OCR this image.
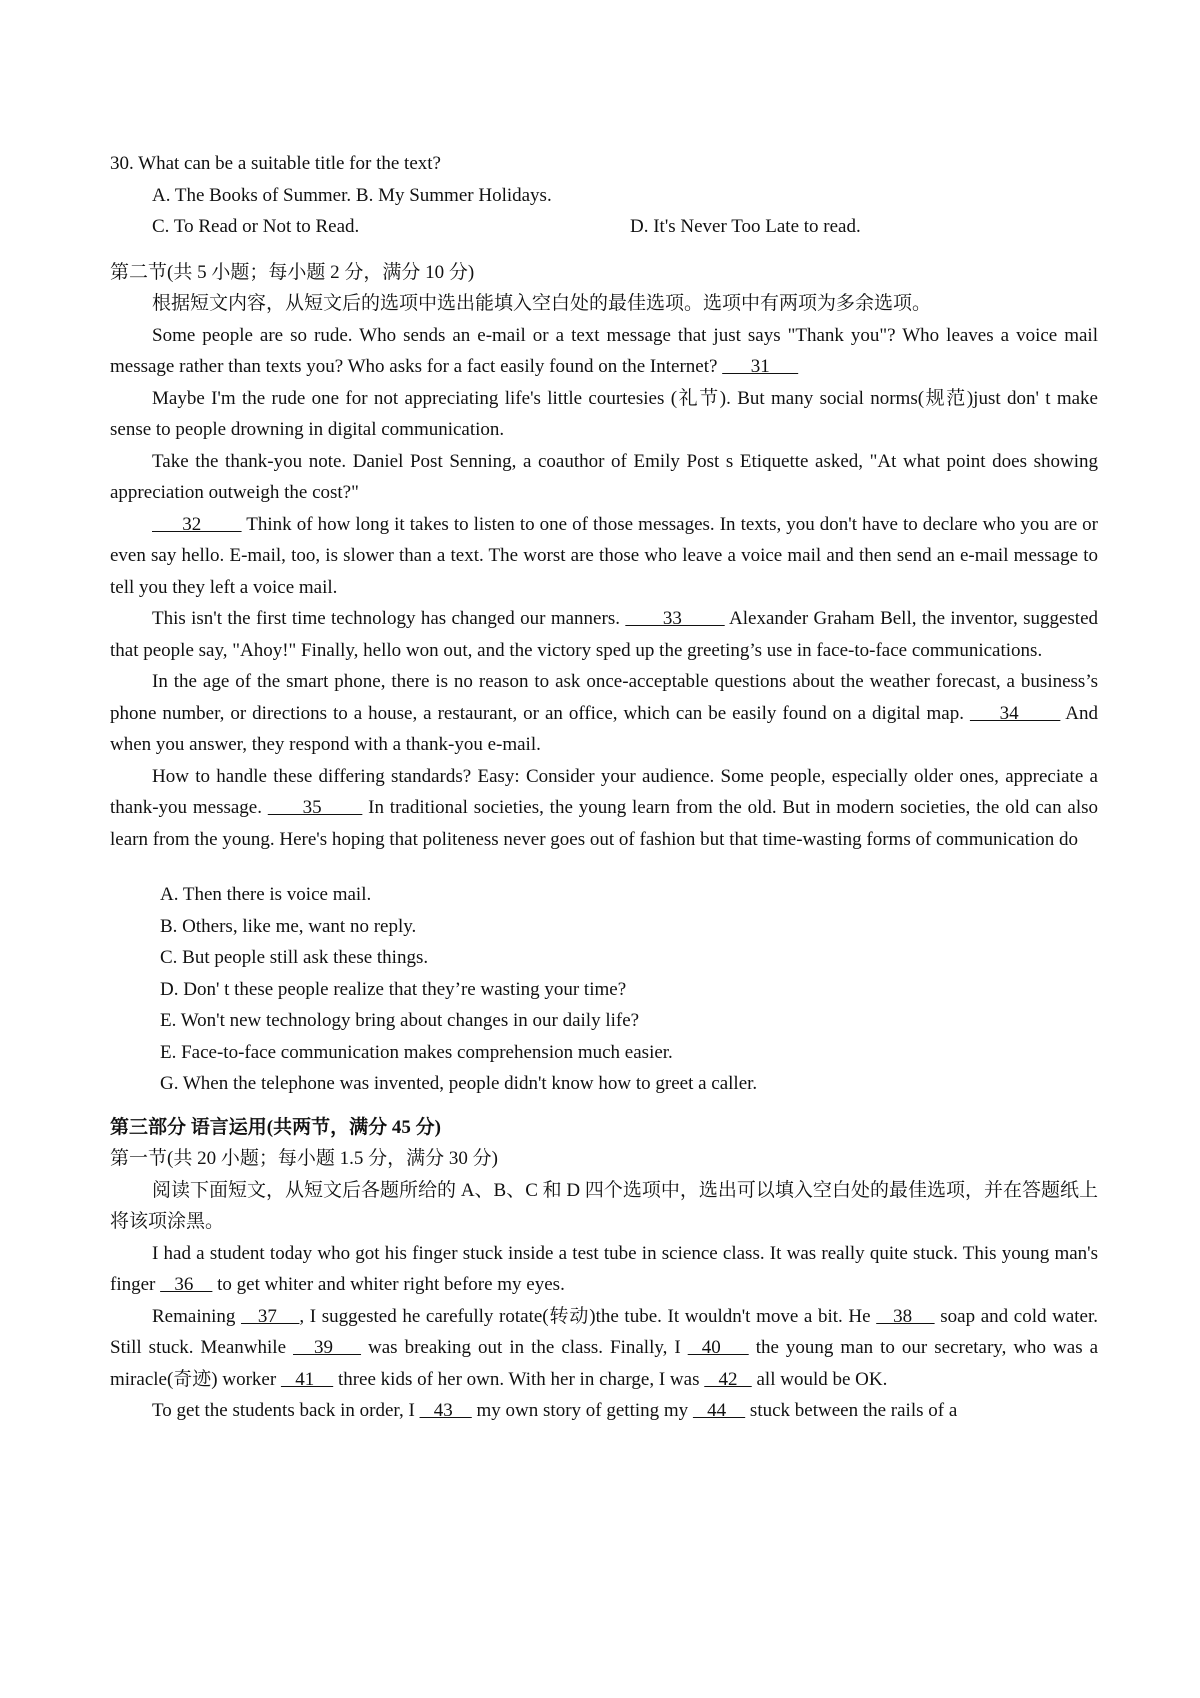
30. What can be a suitable title for the text?
A. The Books of Summer. B. My Summer Holidays.
C. To Read or Not to Read.	D. It's Never Too Late to read.
第二节(共 5 小题；每小题 2 分，满分 10 分)
根据短文内容，从短文后的选项中选出能填入空白处的最佳选项。选项中有两项为多余选项。
Some people are so rude. Who sends an e-mail or a text message that just says "Thank you"? Who leaves a voice mail message rather than texts you? Who asks for a fact easily found on the Internet?       31
Maybe I'm the rude one for not appreciating life's little courtesies (礼节). But many social norms(规范)just don' t make sense to people drowning in digital communication.
Take the thank-you note. Daniel Post Senning, a coauthor of Emily Post s Etiquette asked, "At what point does showing appreciation outweigh the cost?"
32         Think of how long it takes to listen to one of those messages. In texts, you don't have to declare who you are or even say hello. E-mail, too, is slower than a text. The worst are those who leave a voice mail and then send an e-mail message to tell you they left a voice mail.
This isn't the first time technology has changed our manners.        33         Alexander Graham Bell, the inventor, suggested that people say, "Ahoy!" Finally, hello won out, and the victory sped up the greeting’s use in face-to-face communications.
In the age of the smart phone, there is no reason to ask once-acceptable questions about the weather forecast, a business’s phone number, or directions to a house, a restaurant, or an office, which can be easily found on a digital map.      34        And when you answer, they respond with a thank-you e-mail.
How to handle these differing standards? Easy: Consider your audience. Some people, especially older ones, appreciate a thank-you message.       35        In traditional societies, the young learn from the old. But in modern societies, the old can also learn from the young. Here's hoping that politeness never goes out of fashion but that time-wasting forms of communication do
A. Then there is voice mail.
B. Others, like me, want no reply.
C. But people still ask these things.
D. Don' t these people realize that they’re wasting your time?
E. Won't new technology bring about changes in our daily life?
E. Face-to-face communication makes comprehension much easier.
G. When the telephone was invented, people didn't know how to greet a caller.
第三部分 语言运用(共两节，满分 45 分)
第一节(共 20 小题；每小题 1.5 分，满分 30 分)
阅读下面短文，从短文后各题所给的 A、B、C 和 D 四个选项中，选出可以填入空白处的最佳选项，并在答题纸上将该项涂黑。
I had a student today who got his finger stuck inside a test tube in science class. It was really quite stuck. This young man's finger    36     to get whiter and whiter right before my eyes.
Remaining    37    , I suggested he carefully rotate(转动)the tube. It wouldn't move a bit. He    38     soap and cold water. Still stuck. Meanwhile    39     was breaking out in the class. Finally, I   40     the young man to our secretary, who was a miracle(奇迹) worker    41     three kids of her own. With her in charge, I was    42    all would be OK.
To get the students back in order, I    43     my own story of getting my    44     stuck between the rails of a
